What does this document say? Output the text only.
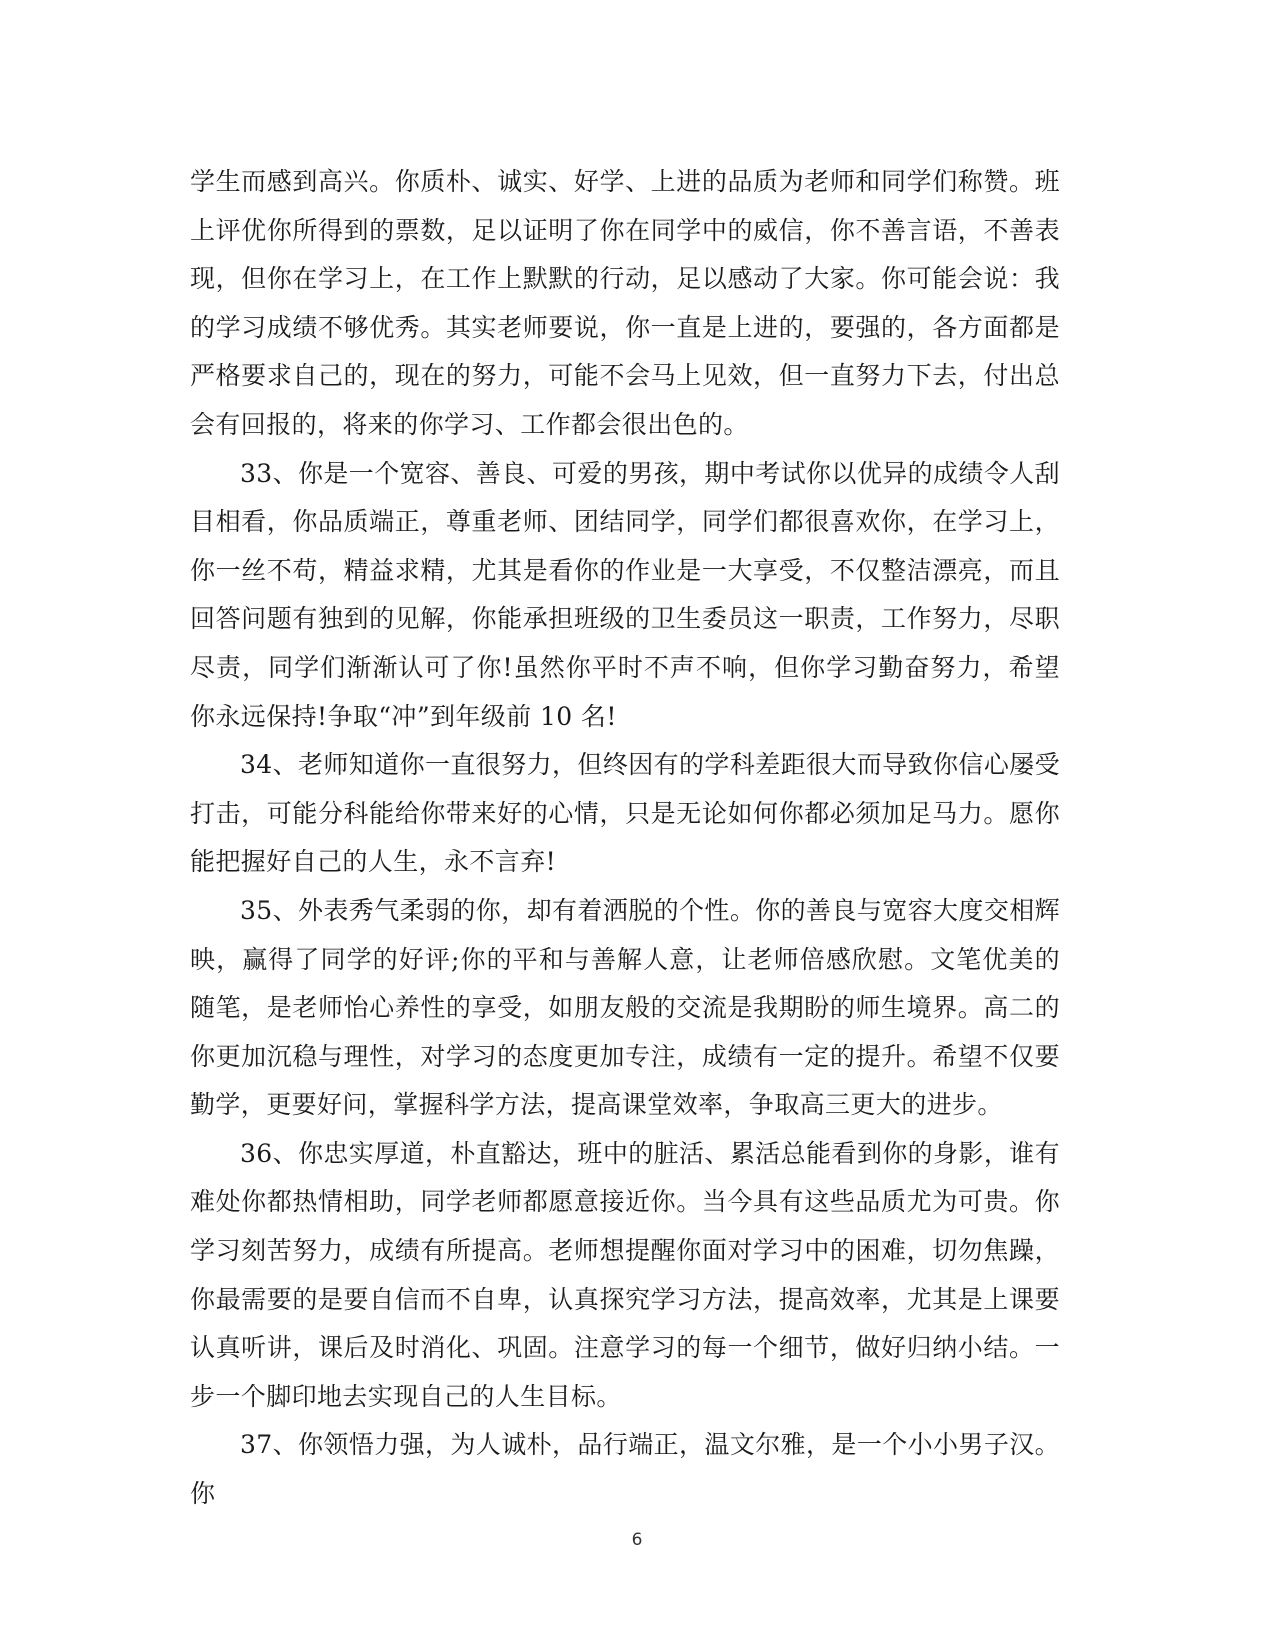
学生而感到高兴。你质朴、诚实、好学、上进的品质为老师和同学们称赞。班上评优你所得到的票数，足以证明了你在同学中的威信，你不善言语，不善表现，但你在学习上，在工作上默默的行动，足以感动了大家。你可能会说：我的学习成绩不够优秀。其实老师要说，你一直是上进的，要强的，各方面都是严格要求自己的，现在的努力，可能不会马上见效，但一直努力下去，付出总会有回报的，将来的你学习、工作都会很出色的。

33、你是一个宽容、善良、可爱的男孩，期中考试你以优异的成绩令人刮目相看，你品质端正，尊重老师、团结同学，同学们都很喜欢你，在学习上，你一丝不苟，精益求精，尤其是看你的作业是一大享受，不仅整洁漂亮，而且回答问题有独到的见解，你能承担班级的卫生委员这一职责，工作努力，尽职尽责，同学们渐渐认可了你!虽然你平时不声不响，但你学习勤奋努力，希望你永远保持!争取“冲”到年级前 10 名!

34、老师知道你一直很努力，但终因有的学科差距很大而导致你信心屡受打击，可能分科能给你带来好的心情，只是无论如何你都必须加足马力。愿你能把握好自己的人生，永不言弃!

35、外表秀气柔弱的你，却有着洒脱的个性。你的善良与宽容大度交相辉映，赢得了同学的好评;你的平和与善解人意，让老师倍感欣慰。文笔优美的随笔，是老师怡心养性的享受，如朋友般的交流是我期盼的师生境界。高二的你更加沉稳与理性，对学习的态度更加专注，成绩有一定的提升。希望不仅要勤学，更要好问，掌握科学方法，提高课堂效率，争取高三更大的进步。

36、你忠实厚道，朴直豁达，班中的脏活、累活总能看到你的身影，谁有难处你都热情相助，同学老师都愿意接近你。当今具有这些品质尤为可贵。你学习刻苦努力，成绩有所提高。老师想提醒你面对学习中的困难，切勿焦躁，你最需要的是要自信而不自卑，认真探究学习方法，提高效率，尤其是上课要认真听讲，课后及时消化、巩固。注意学习的每一个细节，做好归纳小结。一步一个脚印地去实现自己的人生目标。

37、你领悟力强，为人诚朴，品行端正，温文尔雅，是一个小小男子汉。你

6
